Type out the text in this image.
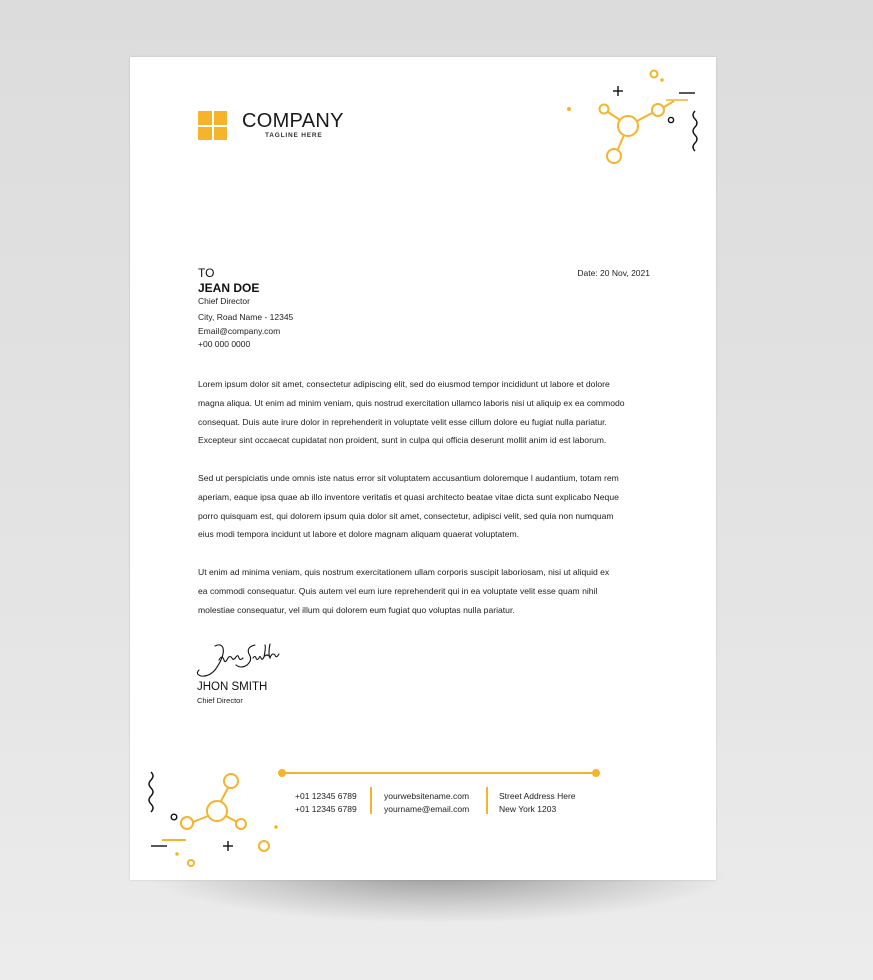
COMPANY
TAGLINE HERE
TO
JEAN DOE
Chief Director
City, Road Name - 12345
Email@company.com
+00 000 0000
Date: 20 Nov, 2021
Lorem ipsum dolor sit amet, consectetur adipiscing elit, sed do eiusmod tempor incididunt ut labore et dolore
magna aliqua. Ut enim ad minim veniam, quis nostrud exercitation ullamco laboris nisi ut aliquip ex ea commodo
consequat. Duis aute irure dolor in reprehenderit in voluptate velit esse cillum dolore eu fugiat nulla pariatur.
Excepteur sint occaecat cupidatat non proident, sunt in culpa qui officia deserunt mollit anim id est laborum.
Sed ut perspiciatis unde omnis iste natus error sit voluptatem accusantium doloremque l audantium, totam rem
aperiam, eaque ipsa quae ab illo inventore veritatis et quasi architecto beatae vitae dicta sunt explicabo Neque
porro quisquam est, qui dolorem ipsum quia dolor sit amet, consectetur, adipisci velit, sed quia non numquam
eius modi tempora incidunt ut labore et dolore magnam aliquam quaerat voluptatem.
Ut enim ad minima veniam, quis nostrum exercitationem ullam corporis suscipit laboriosam, nisi ut aliquid ex
ea commodi consequatur. Quis autem vel eum iure reprehenderit qui in ea voluptate velit esse quam nihil
molestiae consequatur, vel illum qui dolorem eum fugiat quo voluptas nulla pariatur.
JHON SMITH
Chief Director
+01 12345 6789
+01 12345 6789
yourwebsitename.com
yourname@email.com
Street Address Here
New York 1203
